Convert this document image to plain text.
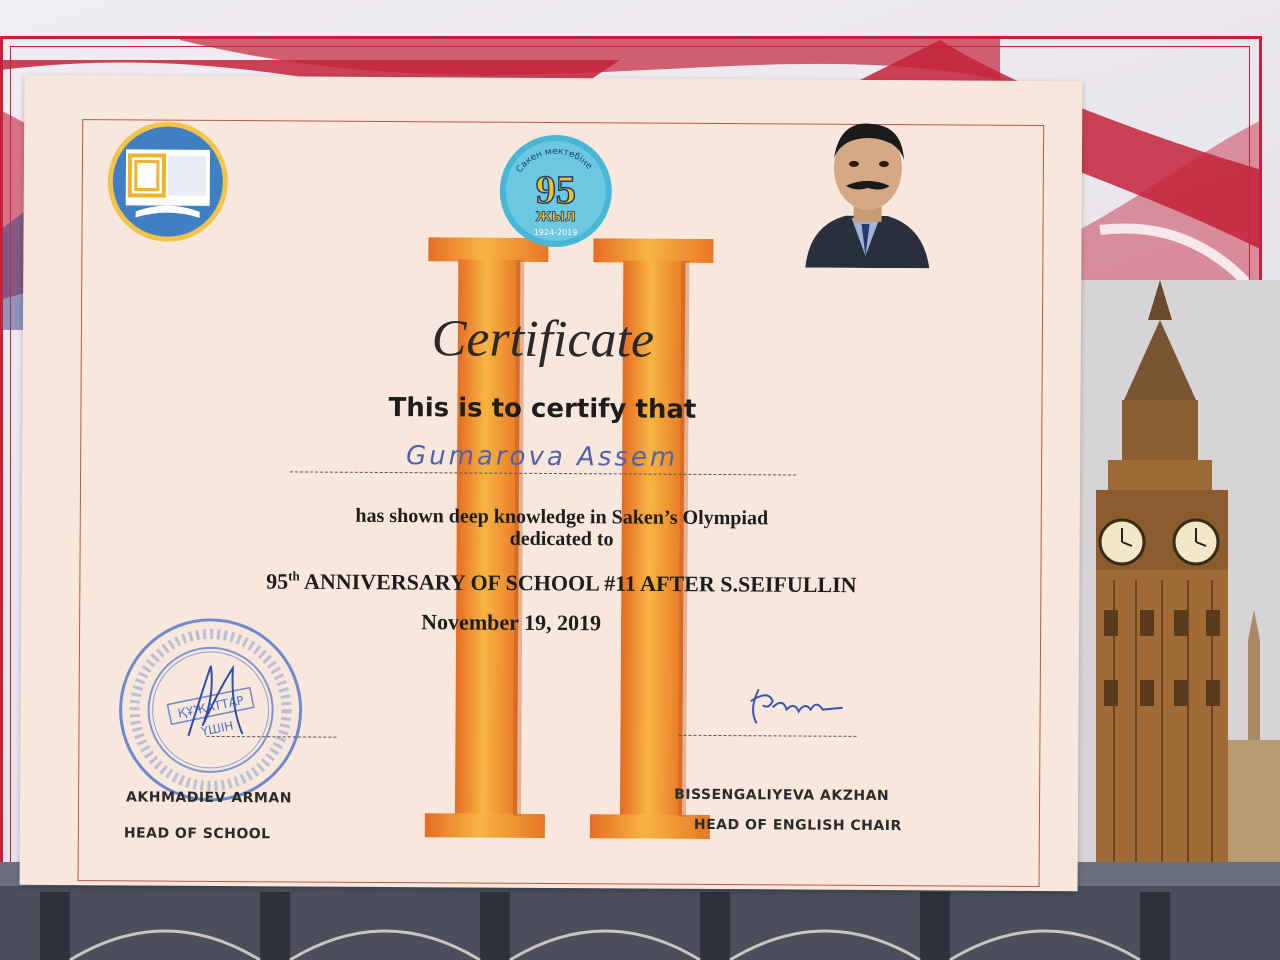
Сакен мектебіне
95
ЖЫЛ
1924-2019
Certificate
This is to certify that
Gumarova Assem
has shown deep knowledge in Saken’s Olympiad
dedicated to
95th ANNIVERSARY OF SCHOOL #11 AFTER S.SEIFULLIN
November 19, 2019
ҚҰЖАТТАР
ҮШІН
AKHMADIEV ARMAN
HEAD OF SCHOOL
BISSENGALIYEVA AKZHAN
HEAD OF ENGLISH CHAIR
